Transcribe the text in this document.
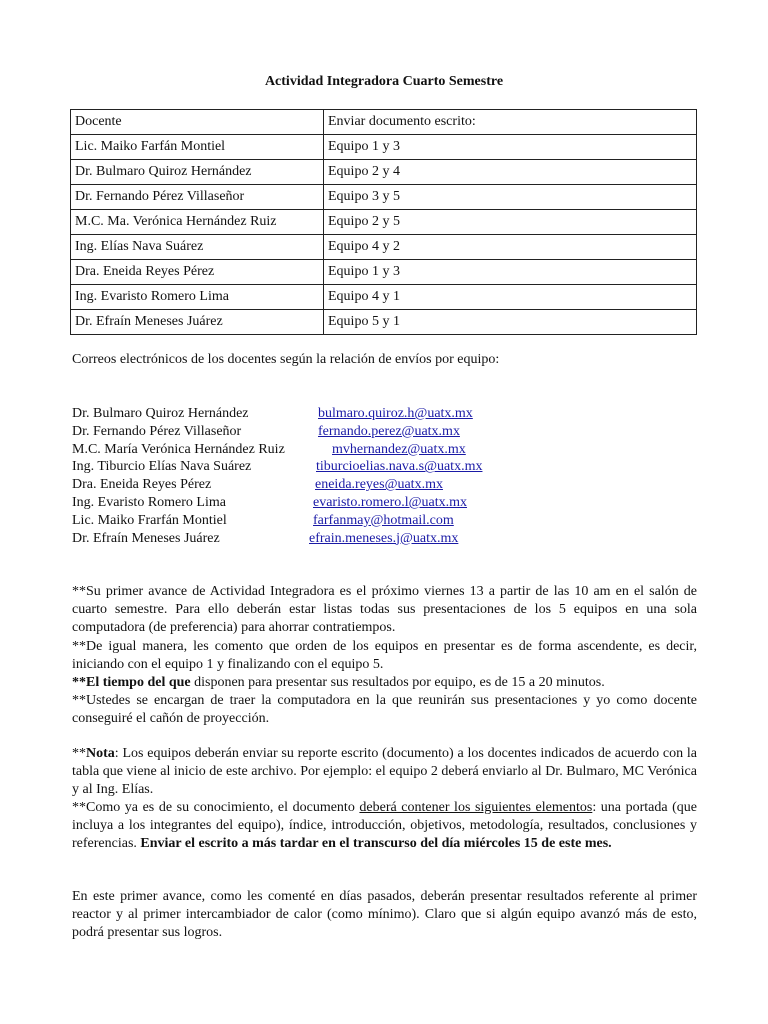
Actividad Integradora Cuarto Semestre
Docente	Enviar documento escrito:
Lic. Maiko Farfán Montiel	Equipo 1 y 3
Dr. Bulmaro Quiroz Hernández	Equipo 2 y 4
Dr. Fernando Pérez Villaseñor	Equipo 3 y 5
M.C. Ma. Verónica Hernández Ruiz	Equipo 2 y 5
Ing. Elías Nava Suárez	Equipo 4 y 2
Dra. Eneida Reyes Pérez	Equipo 1 y 3
Ing. Evaristo Romero Lima	Equipo 4 y 1
Dr. Efraín Meneses Juárez	Equipo 5 y 1
Correos electrónicos de los docentes según la relación de envíos por equipo:
Dr. Bulmaro Quiroz Hernández	bulmaro.quiroz.h@uatx.mx
Dr. Fernando Pérez Villaseñor	fernando.perez@uatx.mx
M.C. María Verónica Hernández Ruiz	mvhernandez@uatx.mx
Ing. Tiburcio Elías Nava Suárez	tiburcioelias.nava.s@uatx.mx
Dra. Eneida Reyes Pérez	eneida.reyes@uatx.mx
Ing. Evaristo Romero Lima	evaristo.romero.l@uatx.mx
Lic. Maiko Frarfán Montiel	farfanmay@hotmail.com
Dr. Efraín Meneses Juárez	efrain.meneses.j@uatx.mx
**Su primer avance de Actividad Integradora es el próximo viernes 13 a partir de las 10 am en el salón de cuarto semestre. Para ello deberán estar listas todas sus presentaciones de los 5 equipos en una sola computadora (de preferencia) para ahorrar contratiempos.
**De igual manera, les comento que orden de los equipos en presentar es de forma ascendente, es decir, iniciando con el equipo 1 y finalizando con el equipo 5.
**El tiempo del que disponen para presentar sus resultados por equipo, es de 15 a 20 minutos.
**Ustedes se encargan de traer la computadora en la que reunirán sus presentaciones y yo como docente conseguiré el cañón de proyección.
**Nota: Los equipos deberán enviar su reporte escrito (documento) a los docentes indicados de acuerdo con la tabla que viene al inicio de este archivo. Por ejemplo: el equipo 2 deberá enviarlo al Dr. Bulmaro, MC Verónica y al Ing. Elías.
**Como ya es de su conocimiento, el documento deberá contener los siguientes elementos: una portada (que incluya a los integrantes del equipo), índice, introducción, objetivos, metodología, resultados, conclusiones y referencias. Enviar el escrito a más tardar en el transcurso del día miércoles 15 de este mes.
En este primer avance, como les comenté en días pasados, deberán presentar resultados referente al primer reactor y al primer intercambiador de calor (como mínimo). Claro que si algún equipo avanzó más de esto, podrá presentar sus logros.
